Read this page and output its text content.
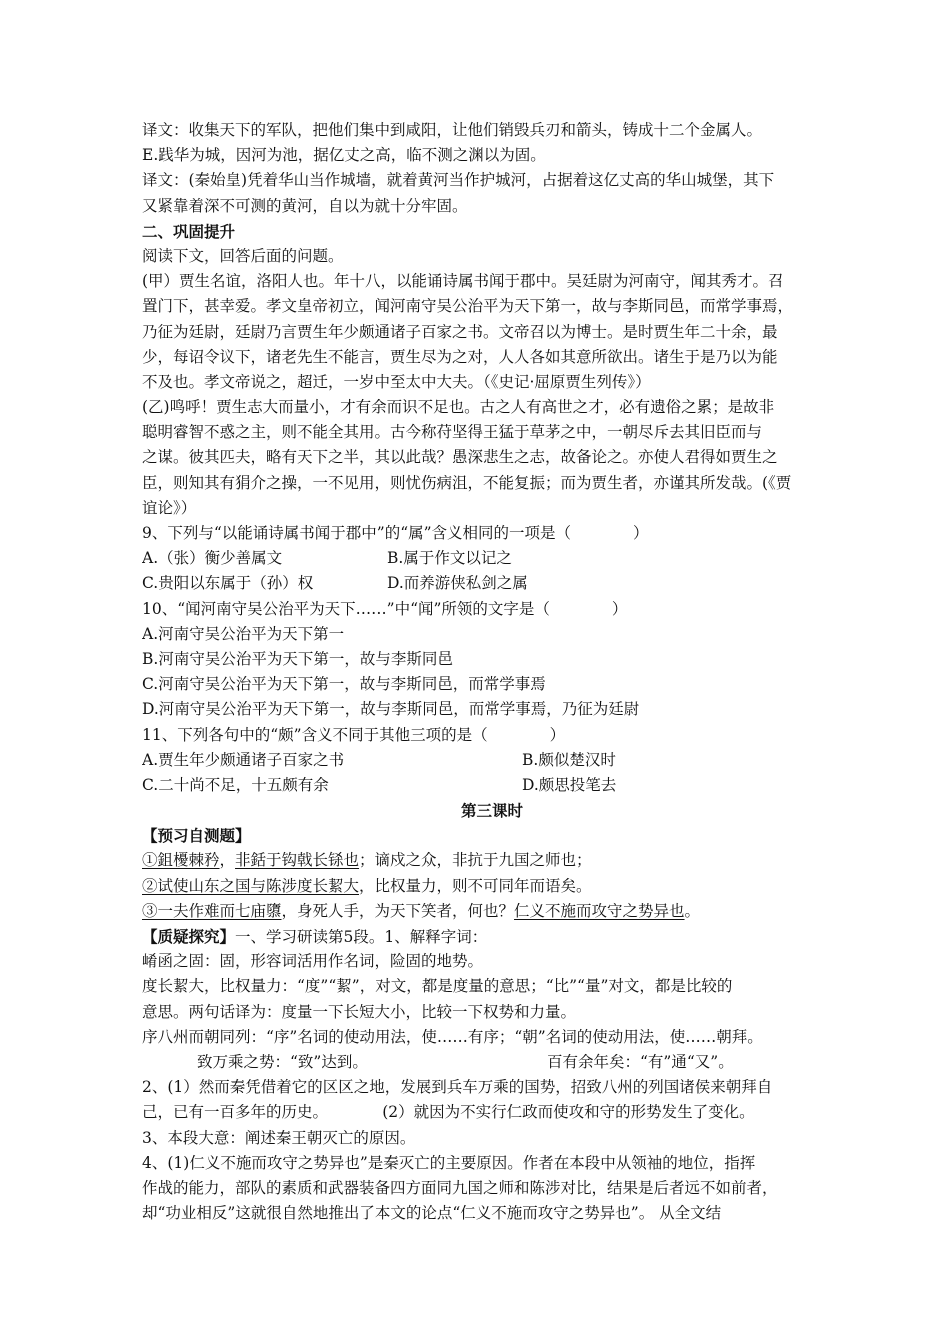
译文：收集天下的军队，把他们集中到咸阳，让他们销毁兵刃和箭头，铸成十二个金属人。
E.践华为城，因河为池，据亿丈之高，临不测之渊以为固。
译文：(秦始皇)凭着华山当作城墙，就着黄河当作护城河，占据着这亿丈高的华山城堡，其下
又紧靠着深不可测的黄河，自以为就十分牢固。
二、巩固提升
阅读下文，回答后面的问题。
(甲）贾生名谊，洛阳人也。年十八，以能诵诗属书闻于郡中。吴廷尉为河南守，闻其秀才。召
置门下，甚幸爱。孝文皇帝初立，闻河南守吴公治平为天下第一，故与李斯同邑，而常学事焉，
乃征为廷尉，廷尉乃言贾生年少颇通诸子百家之书。文帝召以为博士。是时贾生年二十余，最
少，每诏令议下，诸老先生不能言，贾生尽为之对，人人各如其意所欲出。诸生于是乃以为能
不及也。孝文帝说之，超迁，一岁中至太中大夫。（《史记·屈原贾生列传》）
(乙)鸣呼！贾生志大而量小，才有余而识不足也。古之人有高世之才，必有遗俗之累；是故非
聪明睿智不惑之主，则不能全其用。古今称苻坚得王猛于草茅之中，一朝尽斥去其旧臣而与
之谋。彼其匹夫，略有天下之半，其以此哉？愚深悲生之志，故备论之。亦使人君得如贾生之
臣，则知其有狷介之操，一不见用，则忧伤病沮，不能复振；而为贾生者，亦谨其所发哉。(《贾
谊论》）
9、下列与“以能诵诗属书闻于郡中”的“属”含义相同的一项是（　　　　）
A.（张）衡少善属文	B.属于作文以记之
C.贵阳以东属于（孙）权	D.而养游侠私剑之属
10、“闻河南守吴公治平为天下……”中“闻”所领的文字是（　　　　）
A.河南守吴公治平为天下第一
B.河南守吴公治平为天下第一，故与李斯同邑
C.河南守吴公治平为天下第一，故与李斯同邑，而常学事焉
D.河南守吴公治平为天下第一，故与李斯同邑，而常学事焉，乃征为廷尉
11、下列各句中的“颇”含义不同于其他三项的是（　　　　）
A.贾生年少颇通诸子百家之书	B.颇似楚汉时
C.二十尚不足，十五颇有余	D.颇思投笔去
第三课时
【预习自测题】
①鉏櫌棘矜，非銛于钩戟长铩也；谪戍之众，非抗于九国之师也；
②试使山东之国与陈涉度长絜大，比权量力，则不可同年而语矣。
③一夫作难而七庙隳，身死人手，为天下笑者，何也？仁义不施而攻守之势异也。
【质疑探究】一、学习研读第5段。1、解释字词：
崤函之固：固，形容词活用作名词，险固的地势。
度长絜大，比权量力：“度”“絜”，对文，都是度量的意思；“比”“量”对文，都是比较的
意思。两句话译为：度量一下长短大小，比较一下权势和力量。
序八州而朝同列：“序”名词的使动用法，使……有序；“朝”名词的使动用法，使……朝拜。
致万乘之势：“致”达到。	百有余年矣：“有”通“又”。
2、(1）然而秦凭借着它的区区之地，发展到兵车万乘的国势，招致八州的列国诸侯来朝拜自
己，已有一百多年的历史。　　　　(2）就因为不实行仁政而使攻和守的形势发生了变化。
3、本段大意：阐述秦王朝灭亡的原因。
4、(1)仁义不施而攻守之势异也”是秦灭亡的主要原因。作者在本段中从领袖的地位，指挥
作战的能力，部队的素质和武器装备四方面同九国之师和陈涉对比，结果是后者远不如前者，
却“功业相反”这就很自然地推出了本文的论点“仁义不施而攻守之势异也”。 从全文结
